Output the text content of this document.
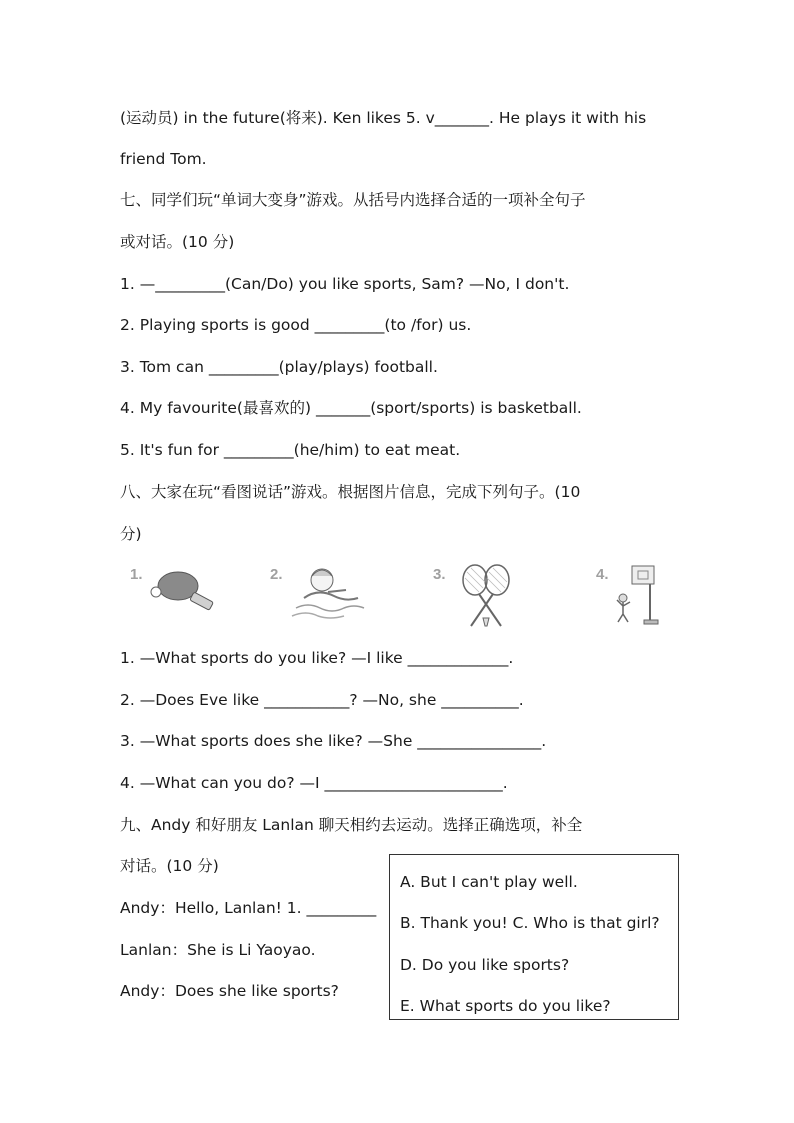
(运动员) in the future(将来). Ken likes 5. v_______. He plays it with his
friend Tom.
七、同学们玩“单词大变身”游戏。从括号内选择合适的一项补全句子
或对话。(10 分)
1. —_________(Can/Do) you like sports, Sam? —No, I don't.
2. Playing sports is good _________(to /for) us.
3. Tom can _________(play/plays) football.
4. My favourite(最喜欢的) _______(sport/sports) is basketball.
5. It's fun for _________(he/him) to eat meat.
八、大家在玩“看图说话”游戏。根据图片信息，完成下列句子。(10
分)
1.	2.	3.	4.
1. —What sports do you like? —I like _____________.
2. —Does Eve like ___________? —No, she __________.
3. —What sports does she like? —She ________________.
4. —What can you do? —I _______________________.
九、Andy 和好朋友 Lanlan 聊天相约去运动。选择正确选项，补全
对话。(10 分)
Andy：Hello, Lanlan! 1. _________
Lanlan：She is Li Yaoyao.
Andy：Does she like sports?
A. But I can't play well.
B. Thank you! C. Who is that girl?
D. Do you like sports?
E. What sports do you like?
